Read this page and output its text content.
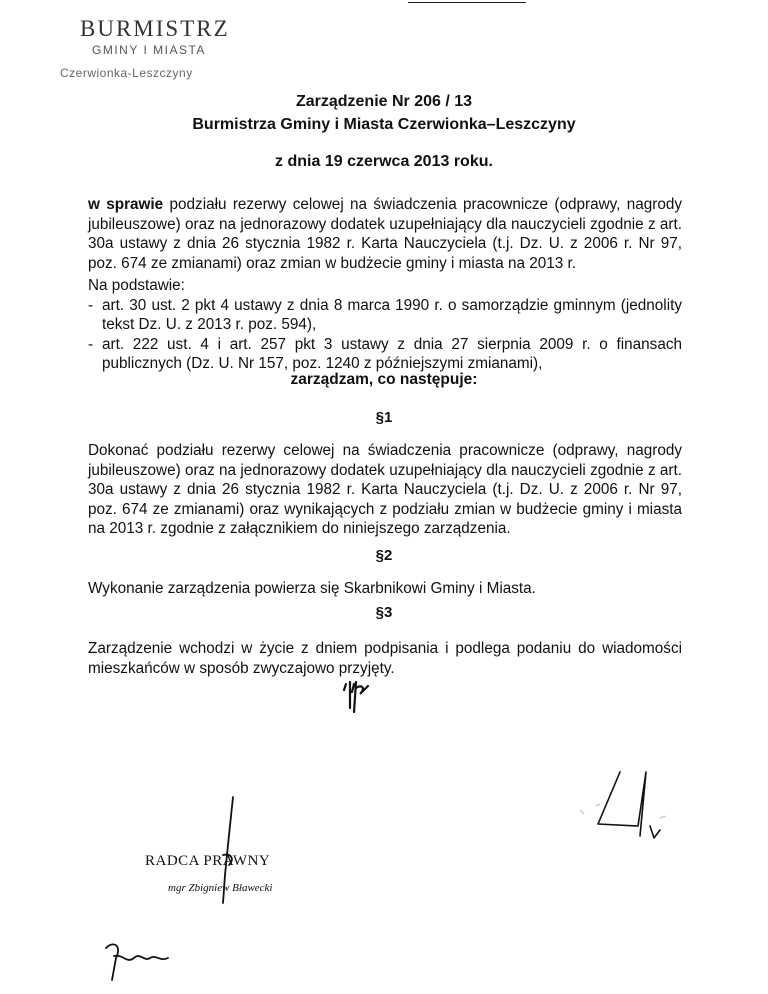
BURMISTRZ
GMINY I MIASTA
Czerwionka-Leszczyny
Zarządzenie Nr 206 / 13
Burmistrza Gminy i Miasta Czerwionka–Leszczyny
z dnia 19 czerwca 2013 roku.
w sprawie podziału rezerwy celowej na świadczenia pracownicze (odprawy, nagrody jubileuszowe) oraz na jednorazowy dodatek uzupełniający dla nauczycieli zgodnie z art. 30a ustawy z dnia 26 stycznia 1982 r. Karta Nauczyciela (t.j. Dz. U. z 2006 r. Nr 97, poz. 674 ze zmianami) oraz zmian w budżecie gminy i miasta na 2013 r.
Na podstawie:
- art. 30 ust. 2 pkt 4 ustawy z dnia 8 marca 1990 r. o samorządzie gminnym (jednolity tekst Dz. U. z 2013 r. poz. 594),
- art. 222 ust. 4 i art. 257 pkt 3 ustawy z dnia 27 sierpnia 2009 r. o finansach publicznych (Dz. U. Nr 157, poz. 1240 z późniejszymi zmianami),
zarządzam, co następuje:
§1
Dokonać podziału rezerwy celowej na świadczenia pracownicze (odprawy, nagrody jubileuszowe) oraz na jednorazowy dodatek uzupełniający dla nauczycieli zgodnie z art. 30a ustawy z dnia 26 stycznia 1982 r. Karta Nauczyciela (t.j. Dz. U. z 2006 r. Nr 97, poz. 674 ze zmianami) oraz wynikających z podziału zmian w budżecie gminy i miasta na 2013 r. zgodnie z załącznikiem do niniejszego zarządzenia.
§2
Wykonanie zarządzenia powierza się Skarbnikowi Gminy i Miasta.
§3
Zarządzenie wchodzi w życie z dniem podpisania i podlega podaniu do wiadomości mieszkańców w sposób zwyczajowo przyjęty.
RADCA PRAWNY
mgr Zbigniew Bławecki
